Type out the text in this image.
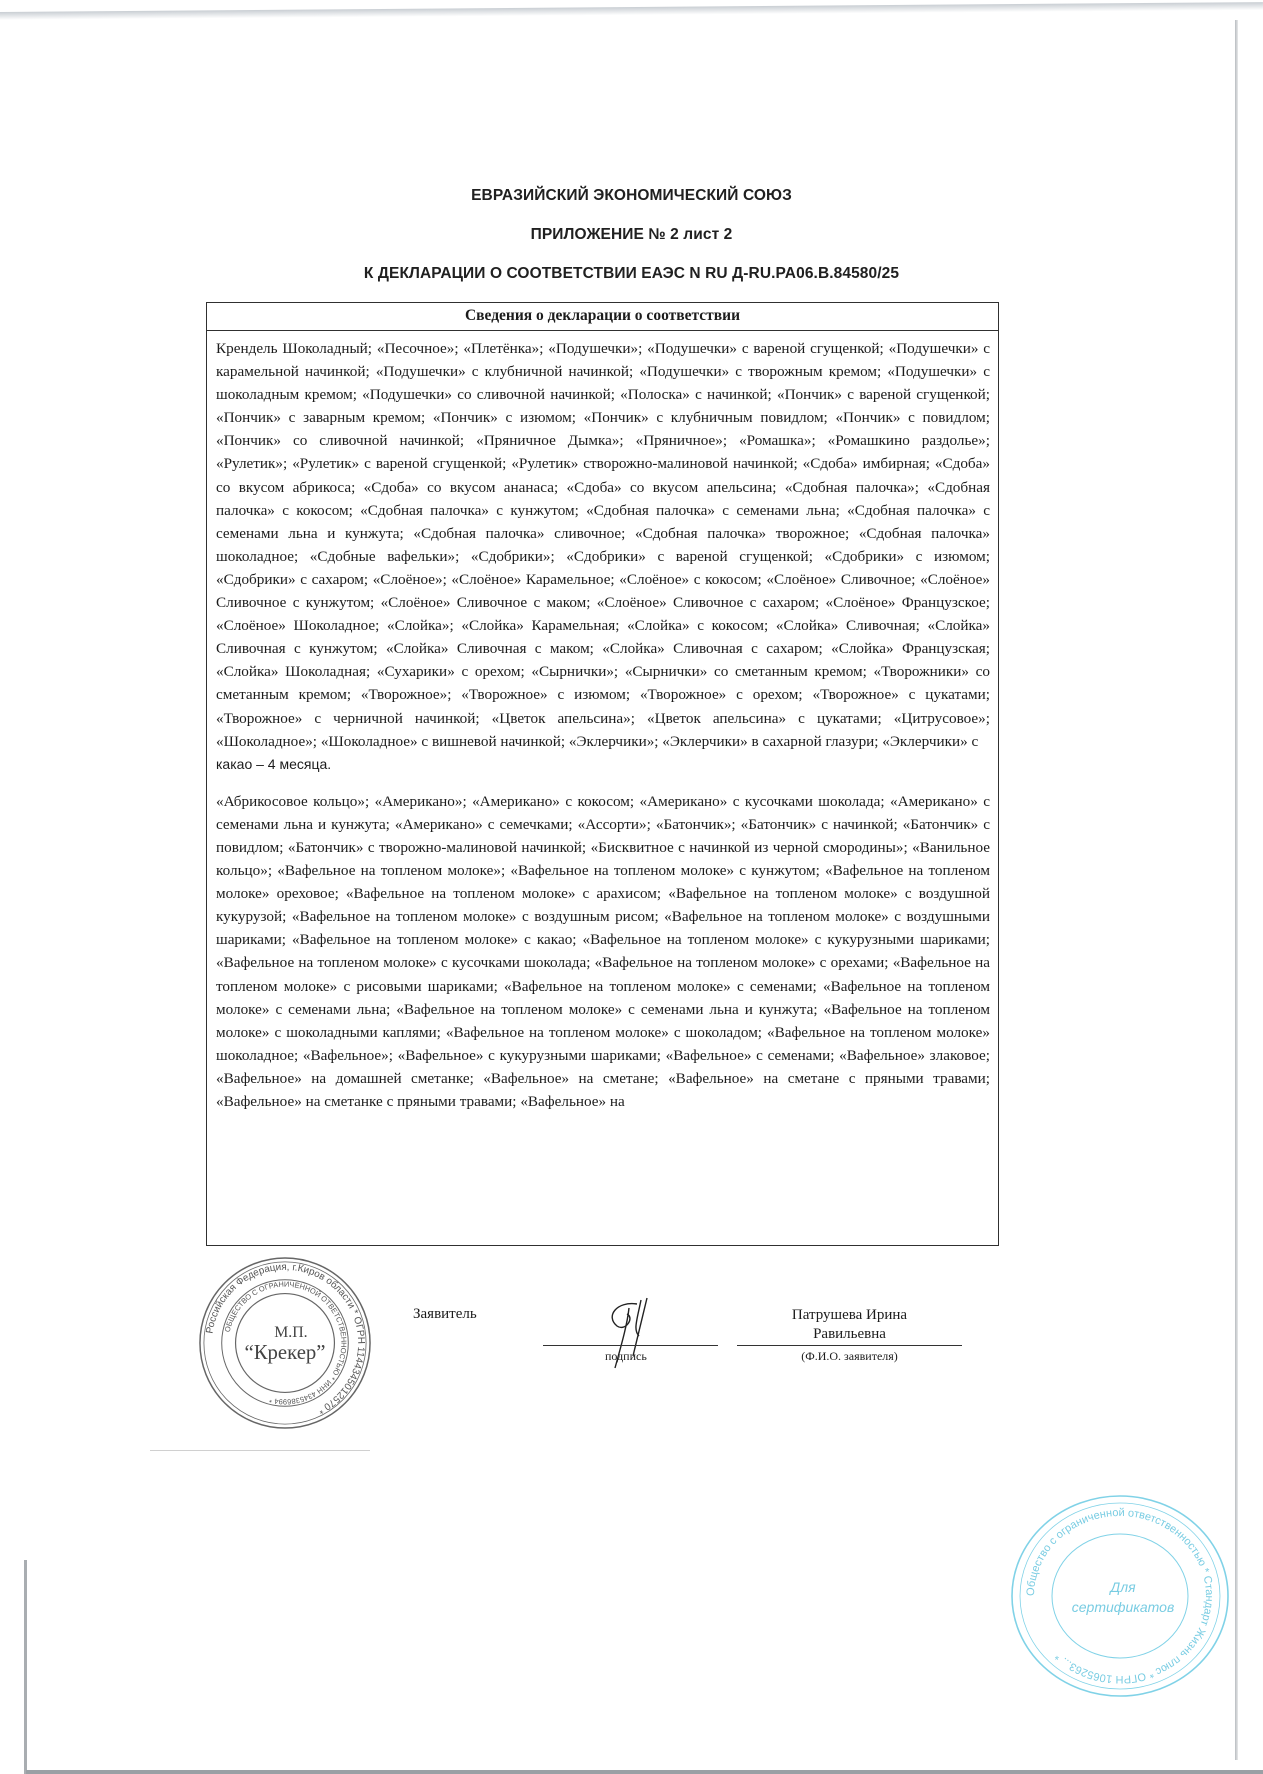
ЕВРАЗИЙСКИЙ ЭКОНОМИЧЕСКИЙ СОЮЗ
ПРИЛОЖЕНИЕ № 2 лист 2
К ДЕКЛАРАЦИИ О СООТВЕТСТВИИ ЕАЭС N RU Д-RU.PA06.B.84580/25
Сведения о декларации о соответствии

Крендель Шоколадный; «Песочное»; «Плетёнка»; «Подушечки»; «Подушечки» с вареной сгущенкой; «Подушечки» с карамельной начинкой; «Подушечки» с клубничной начинкой; «Подушечки» с творожным кремом; «Подушечки» с шоколадным кремом; «Подушечки» со сливочной начинкой; «Полоска» с начинкой; «Пончик» с вареной сгущенкой; «Пончик» с заварным кремом; «Пончик» с изюмом; «Пончик» с клубничным повидлом; «Пончик» с повидлом; «Пончик» со сливочной начинкой; «Пряничное Дымка»; «Пряничное»; «Ромашка»; «Ромашкино раздолье»; «Рулетик»; «Рулетик» с вареной сгущенкой; «Рулетик» створожно-малиновой начинкой; «Сдоба» имбирная; «Сдоба» со вкусом абрикоса; «Сдоба» со вкусом ананаса; «Сдоба» со вкусом апельсина; «Сдобная палочка»; «Сдобная палочка» с кокосом; «Сдобная палочка» с кунжутом; «Сдобная палочка» с семенами льна; «Сдобная палочка» с семенами льна и кунжута; «Сдобная палочка» сливочное; «Сдобная палочка» творожное; «Сдобная палочка» шоколадное; «Сдобные вафельки»; «Сдобрики»; «Сдобрики» с вареной сгущенкой; «Сдобрики» с изюмом; «Сдобрики» с сахаром; «Слоёное»; «Слоёное» Карамельное; «Слоёное» с кокосом; «Слоёное» Сливочное; «Слоёное» Сливочное с кунжутом; «Слоёное» Сливочное с маком; «Слоёное» Сливочное с сахаром; «Слоёное» Французское; «Слоёное» Шоколадное; «Слойка»; «Слойка» Карамельная; «Слойка» с кокосом; «Слойка» Сливочная; «Слойка» Сливочная с кунжутом; «Слойка» Сливочная с маком; «Слойка» Сливочная с сахаром; «Слойка» Французская; «Слойка» Шоколадная; «Сухарики» с орехом; «Сырнички»; «Сырнички» со сметанным кремом; «Творожники» со сметанным кремом; «Творожное»; «Творожное» с изюмом; «Творожное» с орехом; «Творожное» с цукатами; «Творожное» с черничной начинкой; «Цветок апельсина»; «Цветок апельсина» с цукатами; «Цитрусовое»; «Шоколадное»; «Шоколадное» с вишневой начинкой; «Эклерчики»; «Эклерчики» в сахарной глазури; «Эклерчики» с
какао – 4 месяца.

«Абрикосовое кольцо»; «Американо»; «Американо» с кокосом; «Американо» с кусочками шоколада; «Американо» с семенами льна и кунжута; «Американо» с семечками; «Ассорти»; «Батончик»; «Батончик» с начинкой; «Батончик» с повидлом; «Батончик» с творожно-малиновой начинкой; «Бисквитное с начинкой из черной смородины»; «Ванильное кольцо»; «Вафельное на топленом молоке»; «Вафельное на топленом молоке» с кунжутом; «Вафельное на топленом молоке» ореховое; «Вафельное на топленом молоке» с арахисом; «Вафельное на топленом молоке» с воздушной кукурузой; «Вафельное на топленом молоке» с воздушным рисом; «Вафельное на топленом молоке» с воздушными шариками; «Вафельное на топленом молоке» с какао; «Вафельное на топленом молоке» с кукурузными шариками; «Вафельное на топленом молоке» с кусочками шоколада; «Вафельное на топленом молоке» с орехами; «Вафельное на топленом молоке» с рисовыми шариками; «Вафельное на топленом молоке» с семенами; «Вафельное на топленом молоке» с семенами льна; «Вафельное на топленом молоке» с семенами льна и кунжута; «Вафельное на топленом молоке» с шоколадными каплями; «Вафельное на топленом молоке» с шоколадом; «Вафельное на топленом молоке» шоколадное; «Вафельное»; «Вафельное» с кукурузными шариками; «Вафельное» с семенами; «Вафельное» злаковое; «Вафельное» на домашней сметанке; «Вафельное» на сметане; «Вафельное» на сметане с пряными травами; «Вафельное» на сметанке с пряными травами; «Вафельное» на

Российская Федерация, г.Киров области * ОГРН 1144345012570 *
ОБЩЕСТВО С ОГРАНИЧЕННОЙ ОТВЕТСТВЕННОСТЬЮ * ИНН 4345386994 *
М.П.
“Крекер”
Заявитель
подпись
Патрушева Ирина
Равильевна
(Ф.И.О. заявителя)
Общество с ограниченной ответственностью * Стандарт Жизнь плюс * ОГРН 1065263... *
Для
сертификатов
